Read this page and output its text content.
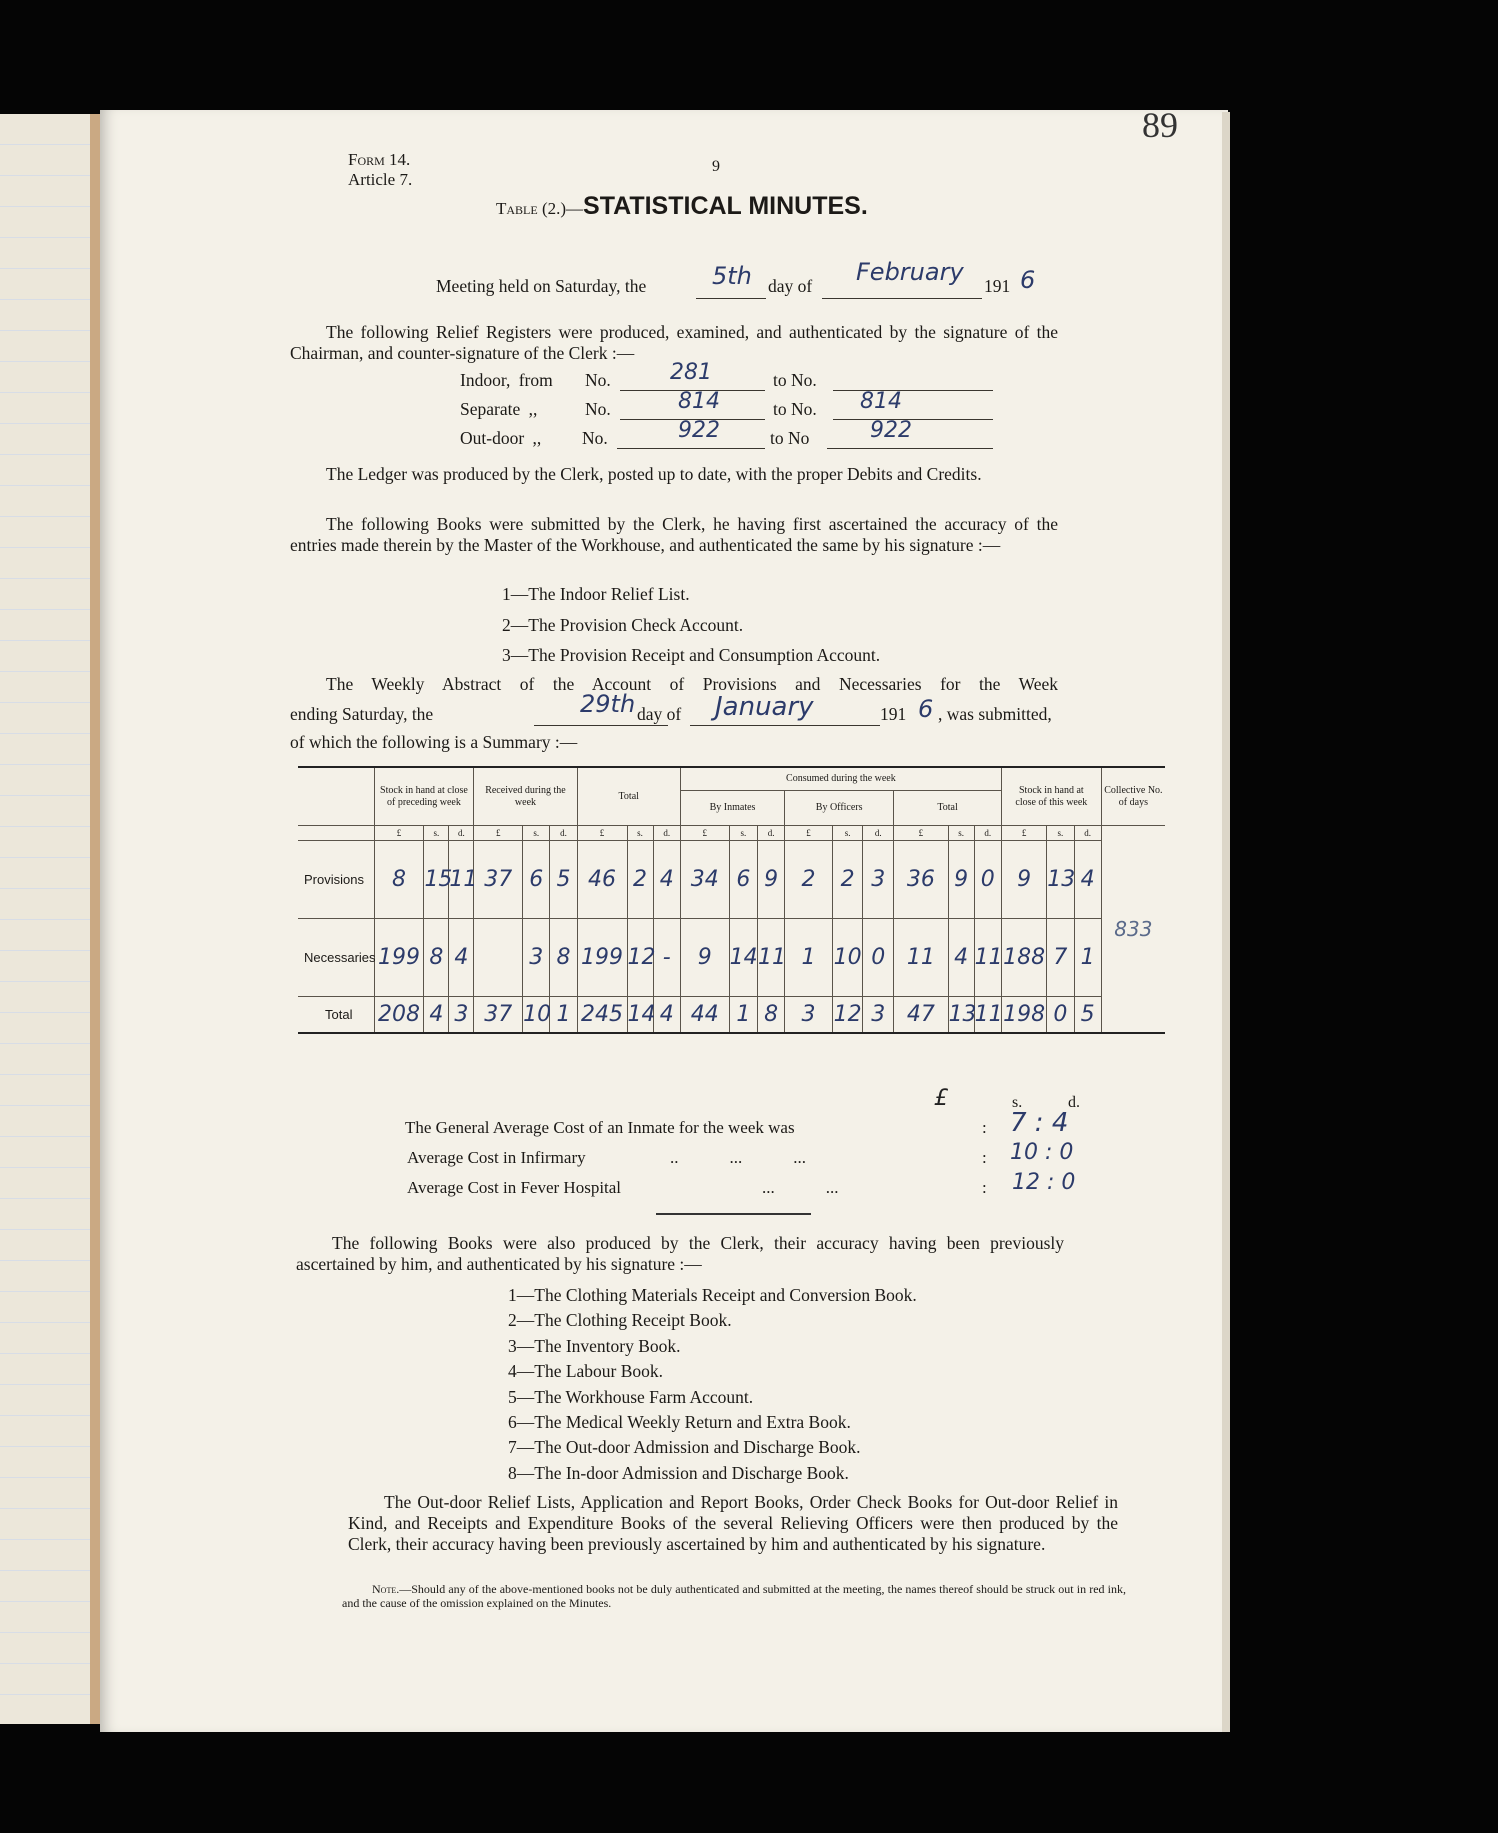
89
Form 14.
Article 7.
9
Table (2.)—STATISTICAL MINUTES.
Meeting held on Saturday, the	5th day of February 191 6

The following Relief Registers were produced, examined, and authenticated by the signature of the Chairman, and counter-signature of the Clerk :—

Indoor, from No.	281	to No.
Separate ,,	No.	814	to No. 814
Out-door ,, No.	922	to No	922

The Ledger was produced by the Clerk, posted up to date, with the proper Debits and Credits.

The following Books were submitted by the Clerk, he having first ascertained the accuracy of the entries made therein by the Master of the Workhouse, and authenticated the same by his signature :—

1—The Indoor Relief List.
2—The Provision Check Account.
3—The Provision Receipt and Consumption Account.

The Weekly Abstract of the Account of Provisions and Necessaries for the Week

ending Saturday, the	29th day of January	191 6 , was submitted,
of which the following is a Summary :—
	Stock in hand at close of preceding week			Received during the week			Total			Consumed during the week									Stock in hand at close of this week			Collective No. of days
										By Inmates			By Officers			Total						
	£	s.	d.	£	s.	d.	£	s.	d.	£	s.	d.	£	s.	d.	£	s.	d.	£	s.	d.	833
Provisions	8	15	11	37	6	5	46	2	4	34	6	9	2	2	3	36	9	0	9	13	4	
Necessaries	199	8	4		3	8	199	12	-	9	14	11	1	10	0	11	4	11	188	7	1	
Total	208	4	3	37	10	1	245	14	4	44	1	8	3	12	3	47	13	11	198	0	5	
£	s.	d.
The General Average Cost of an Inmate for the week was	: 7 : 4
Average Cost in Infirmary	..            ...            ...	: 10 : 0
Average Cost in Fever Hospital	...            ...	: 12 : 0

The following Books were also produced by the Clerk, their accuracy having been previously ascertained by him, and authenticated by his signature :—

1—The Clothing Materials Receipt and Conversion Book.
2—The Clothing Receipt Book.
3—The Inventory Book.
4—The Labour Book.
5—The Workhouse Farm Account.
6—The Medical Weekly Return and Extra Book.
7—The Out-door Admission and Discharge Book.
8—The In-door Admission and Discharge Book.

The Out-door Relief Lists, Application and Report Books, Order Check Books for Out-door Relief in Kind, and Receipts and Expenditure Books of the several Relieving Officers were then produced by the Clerk, their accuracy having been previously ascertained by him and authenticated by his signature.

Note.—Should any of the above-mentioned books not be duly authenticated and submitted at the meeting, the names thereof should be struck out in red ink, and the cause of the omission explained on the Minutes.
